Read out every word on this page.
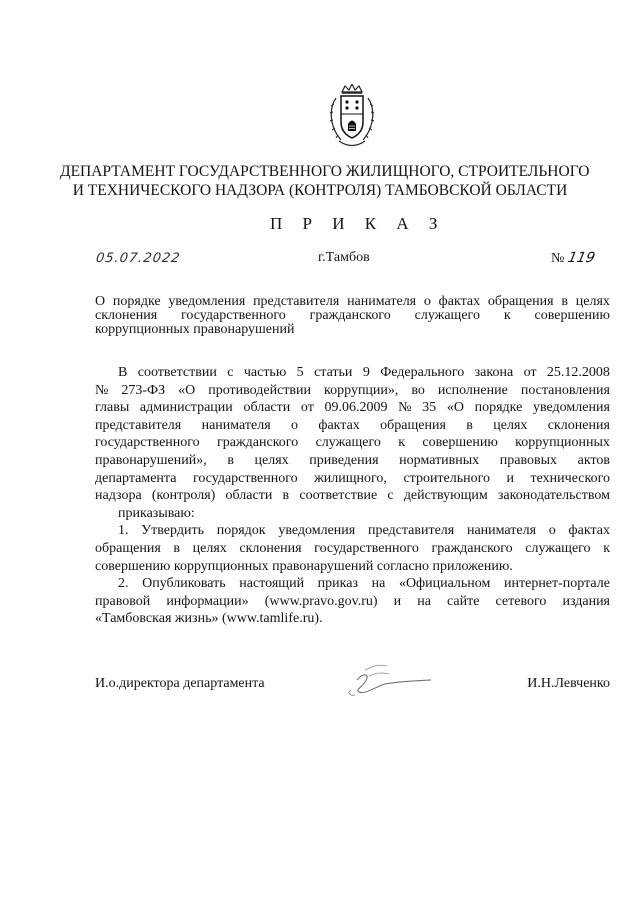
ДЕПАРТАМЕНТ ГОСУДАРСТВЕННОГО ЖИЛИЩНОГО, СТРОИТЕЛЬНОГО
И ТЕХНИЧЕСКОГО НАДЗОРА (КОНТРОЛЯ) ТАМБОВСКОЙ ОБЛАСТИ
П Р И К А З
05.07.2022	г.Тамбов	№ 119
О порядке уведомления представителя нанимателя о фактах обращения в целях
склонения государственного гражданского служащего к совершению
коррупционных правонарушений
В соответствии с частью 5 статьи 9 Федерального закона от 25.12.2008
№ 273-ФЗ «О противодействии коррупции», во исполнение постановления
главы администрации области от 09.06.2009 № 35 «О порядке уведомления
представителя нанимателя о фактах обращения в целях склонения
государственного гражданского служащего к совершению коррупционных
правонарушений», в целях приведения нормативных правовых актов
департамента государственного жилищного, строительного и технического
надзора (контроля) области в соответствие с действующим законодательством
приказываю:
1. Утвердить порядок уведомления представителя нанимателя о фактах
обращения в целях склонения государственного гражданского служащего к
совершению коррупционных правонарушений согласно приложению.
2. Опубликовать настоящий приказ на «Официальном интернет-портале
правовой информации» (www.pravo.gov.ru) и на сайте сетевого издания
«Тамбовская жизнь» (www.tamlife.ru).
И.о.директора департамента	И.Н.Левченко
